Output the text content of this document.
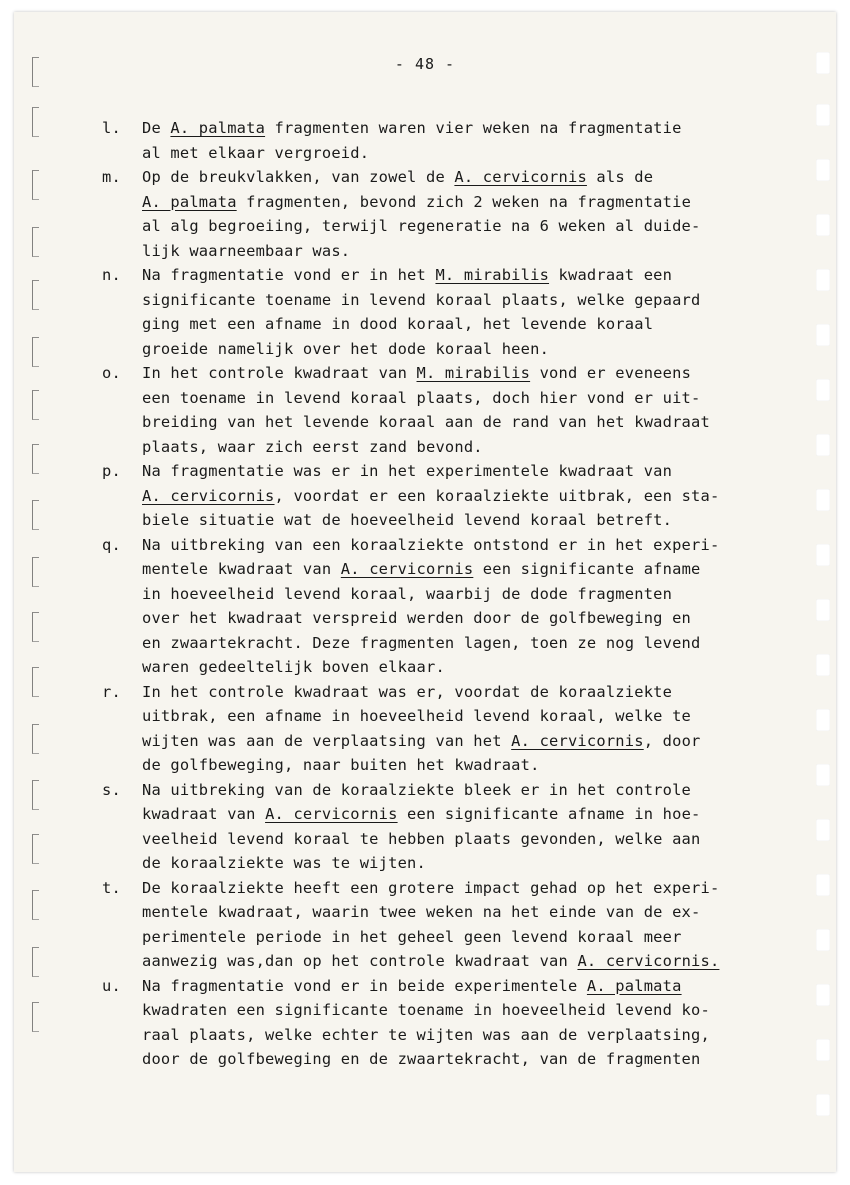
- 48 -
l.	De A. palmata fragmenten waren vier weken na fragmentatie
al met elkaar vergroeid.
m.	Op de breukvlakken, van zowel de A. cervicornis als de
A. palmata fragmenten, bevond zich 2 weken na fragmentatie
al alg begroeiing, terwijl regeneratie na 6 weken al duide-
lijk waarneembaar was.
n.	Na fragmentatie vond er in het M. mirabilis kwadraat een
significante toename in levend koraal plaats, welke gepaard
ging met een afname in dood koraal, het levende koraal
groeide namelijk over het dode koraal heen.
o.	In het controle kwadraat van M. mirabilis vond er eveneens
een toename in levend koraal plaats, doch hier vond er uit-
breiding van het levende koraal aan de rand van het kwadraat
plaats, waar zich eerst zand bevond.
p.	Na fragmentatie was er in het experimentele kwadraat van
A. cervicornis, voordat er een koraalziekte uitbrak, een sta-
biele situatie wat de hoeveelheid levend koraal betreft.
q.	Na uitbreking van een koraalziekte ontstond er in het experi-
mentele kwadraat van A. cervicornis een significante afname
in hoeveelheid levend koraal, waarbij de dode fragmenten
over het kwadraat verspreid werden door de golfbeweging en
en zwaartekracht. Deze fragmenten lagen, toen ze nog levend
waren gedeeltelijk boven elkaar.
r.	In het controle kwadraat was er, voordat de koraalziekte
uitbrak, een afname in hoeveelheid levend koraal, welke te
wijten was aan de verplaatsing van het A. cervicornis, door
de golfbeweging, naar buiten het kwadraat.
s.	Na uitbreking van de koraalziekte bleek er in het controle
kwadraat van A. cervicornis een significante afname in hoe-
veelheid levend koraal te hebben plaats gevonden, welke aan
de koraalziekte was te wijten.
t.	De koraalziekte heeft een grotere impact gehad op het experi-
mentele kwadraat, waarin twee weken na het einde van de ex-
perimentele periode in het geheel geen levend koraal meer
aanwezig was,dan op het controle kwadraat van A. cervicornis.
u.	Na fragmentatie vond er in beide experimentele A. palmata
kwadraten een significante toename in hoeveelheid levend ko-
raal plaats, welke echter te wijten was aan de verplaatsing,
door de golfbeweging en de zwaartekracht, van de fragmenten
